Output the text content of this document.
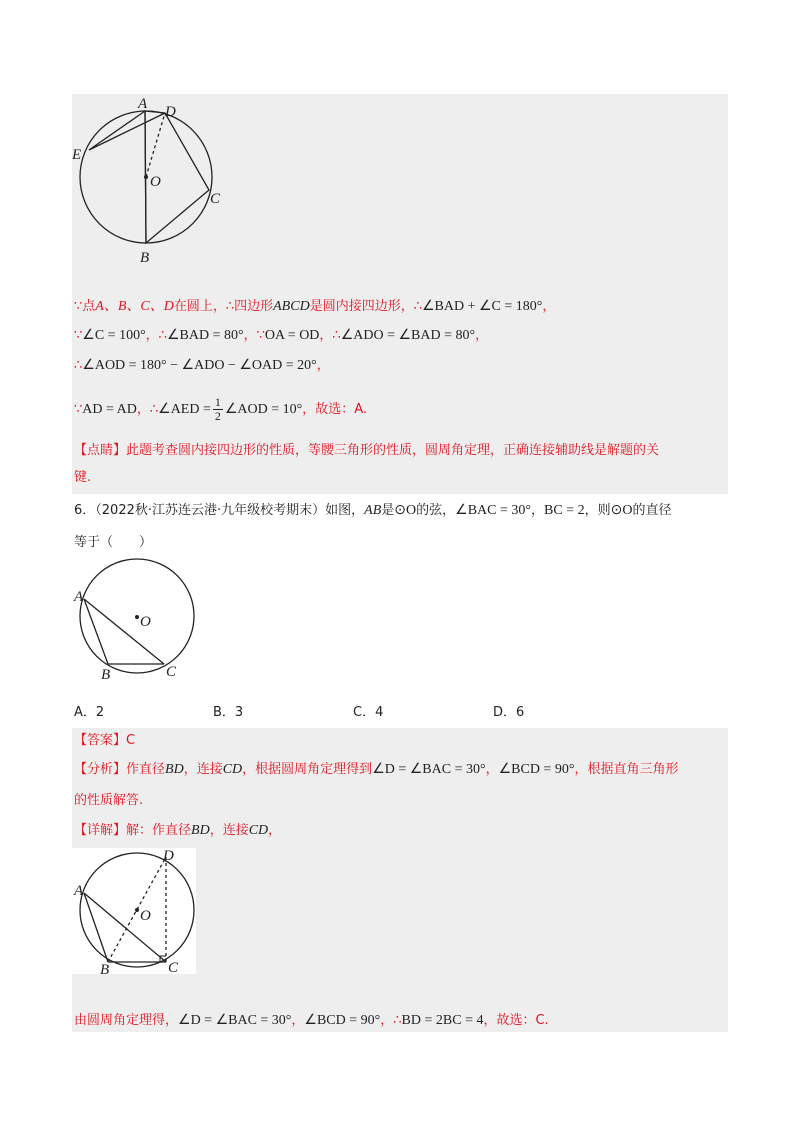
A D
E
O
C
B
∵点A、B、C、D在圆上，∴四边形ABCD是圆内接四边形，∴∠BAD + ∠C = 180°，
∵∠C = 100°，∴∠BAD = 80°，∵OA = OD，∴∠ADO = ∠BAD = 80°，
∴∠AOD = 180° − ∠ADO − ∠OAD = 20°，
∵AD = AD，∴∠AED = $\frac{1}{2}$ ∠AOD = 10°，故选：A.
【点睛】此题考查圆内接四边形的性质，等腰三角形的性质，圆周角定理，正确连接辅助线是解题的关
键.
6．（2022秋·江苏连云港·九年级校考期末）如图，AB是⊙O的弦，∠BAC = 30°，BC = 2，则⊙O的直径
等于（　　）
A
O
B	C
A．2	B．3	C．4	D．6
【答案】C
【分析】作直径BD，连接CD，根据圆周角定理得到∠D = ∠BAC = 30°，∠BCD = 90°，根据直角三角形
的性质解答.
【详解】解：作直径BD，连接CD，
D
A
O
B	C
由圆周角定理得，∠D = ∠BAC = 30°，∠BCD = 90°，∴BD = 2BC = 4，故选：C.
